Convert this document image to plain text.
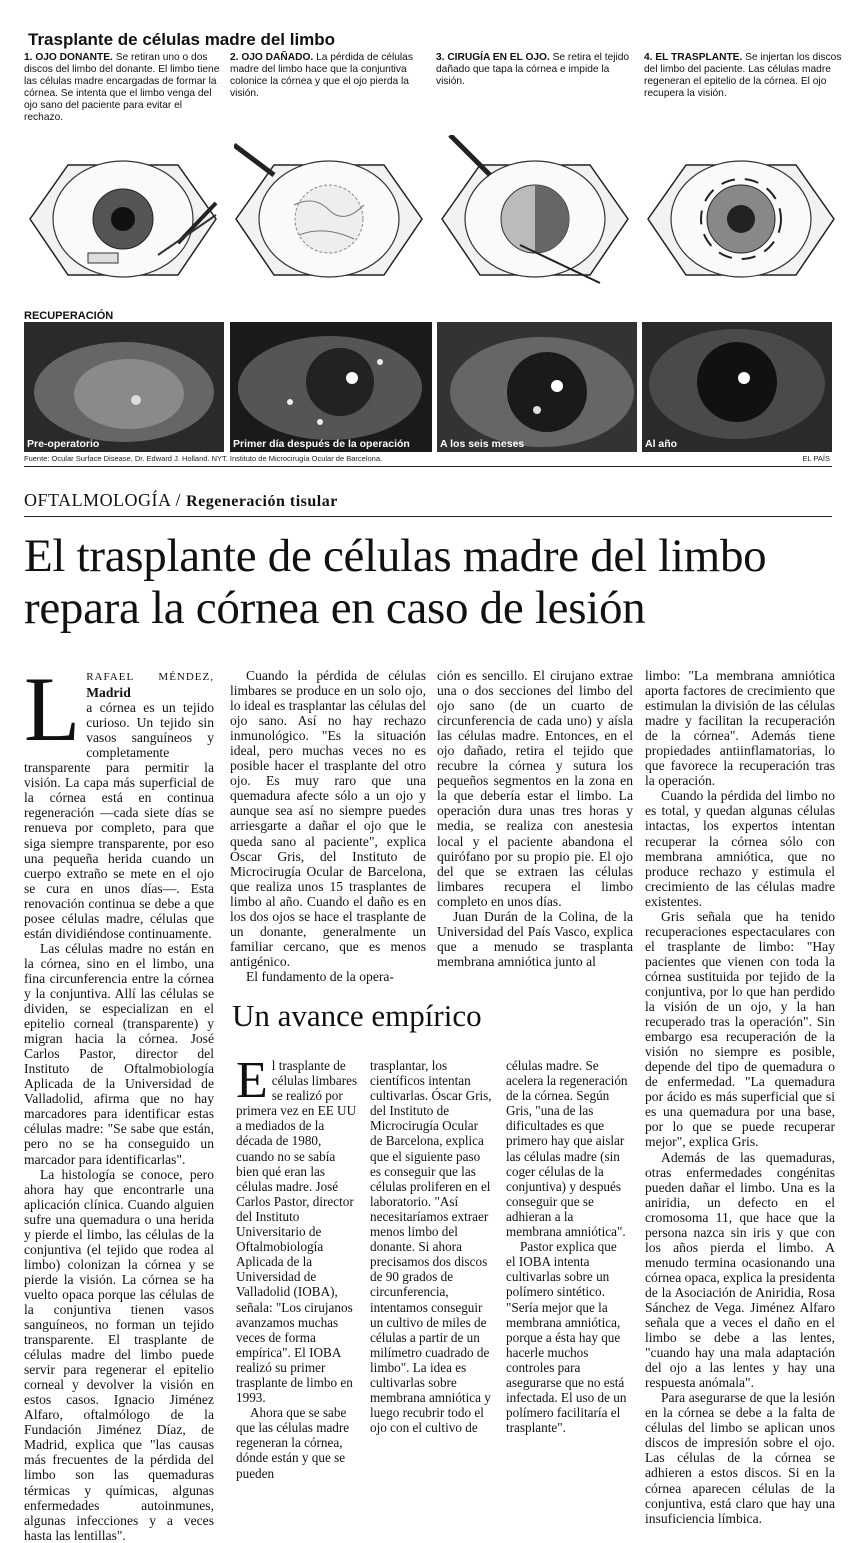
Trasplante de células madre del limbo
1. OJO DONANTE. Se retiran uno o dos discos del limbo del donante. El limbo tiene las células madre encargadas de formar la córnea. Se intenta que el limbo venga del ojo sano del paciente para evitar el rechazo.
2. OJO DAÑADO. La pérdida de células madre del limbo hace que la conjuntiva colonice la córnea y que el ojo pierda la visión.
3. CIRUGÍA EN EL OJO. Se retira el tejido dañado que tapa la córnea e impide la visión.
4. EL TRASPLANTE. Se injertan los discos del limbo del paciente. Las células madre regeneran el epitelio de la córnea. El ojo recupera la visión.
RECUPERACIÓN
Pre-operatorio	Primer día después de la operación	A los seis meses	Al año
Fuente: Ocular Surface Disease, Dr. Edward J. Holland. NYT. Instituto de Microcirugía Ocular de Barcelona.	EL PAÍS
OFTALMOLOGÍA / Regeneración tisular
El trasplante de células madre del limbo repara la córnea en caso de lesión
L RAFAEL MÉNDEZ, Madrid

a córnea es un tejido curioso. Un tejido sin vasos sanguíneos y completamente transparente para permitir la visión. La capa más superficial de la córnea está en continua regeneración —cada siete días se renueva por completo, para que siga siempre transparente, por eso una pequeña herida cuando un cuerpo extraño se mete en el ojo se cura en unos días—. Esta renovación continua se debe a que posee células madre, células que están dividiéndose continuamente.

Las células madre no están en la córnea, sino en el limbo, una fina circunferencia entre la córnea y la conjuntiva. Allí las células se dividen, se especializan en el epitelio corneal (transparente) y migran hacia la córnea. José Carlos Pastor, director del Instituto de Oftalmobiología Aplicada de la Universidad de Valladolid, afirma que no hay marcadores para identificar estas células madre: "Se sabe que están, pero no se ha conseguido un marcador para identificarlas".

La histología se conoce, pero ahora hay que encontrarle una aplicación clínica. Cuando alguien sufre una quemadura o una herida y pierde el limbo, las células de la conjuntiva (el tejido que rodea al limbo) colonizan la córnea y se pierde la visión. La córnea se ha vuelto opaca porque las células de la conjuntiva tienen vasos sanguíneos, no forman un tejido transparente. El trasplante de células madre del limbo puede servir para regenerar el epitelio corneal y devolver la visión en estos casos. Ignacio Jiménez Alfaro, oftalmólogo de la Fundación Jiménez Díaz, de Madrid, explica que "las causas más frecuentes de la pérdida del limbo son las quemaduras térmicas y químicas, algunas enfermedades autoinmunes, algunas infecciones y a veces hasta las lentillas".

Cuando la pérdida de células limbares se produce en un solo ojo, lo ideal es trasplantar las células del ojo sano. Así no hay rechazo inmunológico. "Es la situación ideal, pero muchas veces no es posible hacer el trasplante del otro ojo. Es muy raro que una quemadura afecte sólo a un ojo y aunque sea así no siempre puedes arriesgarte a dañar el ojo que le queda sano al paciente", explica Óscar Gris, del Instituto de Microcirugía Ocular de Barcelona, que realiza unos 15 trasplantes de limbo al año. Cuando el daño es en los dos ojos se hace el trasplante de un donante, generalmente un familiar cercano, que es menos antigénico.

El fundamento de la opera-

ción es sencillo. El cirujano extrae una o dos secciones del limbo del ojo sano (de un cuarto de circunferencia de cada uno) y aísla las células madre. Entonces, en el ojo dañado, retira el tejido que recubre la córnea y sutura los pequeños segmentos en la zona en la que debería estar el limbo. La operación dura unas tres horas y media, se realiza con anestesia local y el paciente abandona el quirófano por su propio pie. El ojo del que se extraen las células limbares recupera el limbo completo en unos días.

Juan Durán de la Colina, de la Universidad del País Vasco, explica que a menudo se trasplanta membrana amniótica junto al

limbo: "La membrana amniótica aporta factores de crecimiento que estimulan la división de las células madre y facilitan la recuperación de la córnea". Además tiene propiedades antiinflamatorias, lo que favorece la recuperación tras la operación.

Cuando la pérdida del limbo no es total, y quedan algunas células intactas, los expertos intentan recuperar la córnea sólo con membrana amniótica, que no produce rechazo y estimula el crecimiento de las células madre existentes.

Gris señala que ha tenido recuperaciones espectaculares con el trasplante de limbo: "Hay pacientes que vienen con toda la córnea sustituida por tejido de la conjuntiva, por lo que han perdido la visión de un ojo, y la han recuperado tras la operación". Sin embargo esa recuperación de la visión no siempre es posible, depende del tipo de quemadura o de enfermedad. "La quemadura por ácido es más superficial que si es una quemadura por una base, por lo que se puede recuperar mejor", explica Gris.

Además de las quemaduras, otras enfermedades congénitas pueden dañar el limbo. Una es la aniridia, un defecto en el cromosoma 11, que hace que la persona nazca sin iris y que con los años pierda el limbo. A menudo termina ocasionando una córnea opaca, explica la presidenta de la Asociación de Aniridia, Rosa Sánchez de Vega. Jiménez Alfaro señala que a veces el daño en el limbo se debe a las lentes, "cuando hay una mala adaptación del ojo a las lentes y hay una respuesta anómala".

Para asegurarse de que la lesión en la córnea se debe a la falta de células del limbo se aplican unos discos de impresión sobre el ojo. Las células de la córnea se adhieren a estos discos. Si en la córnea aparecen células de la conjuntiva, está claro que hay una insuficiencia límbica.

Un avance empírico
E l trasplante de células limbares se realizó por primera vez en EE UU a mediados de la década de 1980, cuando no se sabía bien qué eran las células madre. José Carlos Pastor, director del Instituto Universitario de Oftalmobiología Aplicada de la Universidad de Valladolid (IOBA), señala: "Los cirujanos avanzamos muchas veces de forma empírica". El IOBA realizó su primer trasplante de limbo en 1993.

Ahora que se sabe que las células madre regeneran la córnea, dónde están y que se pueden

trasplantar, los científicos intentan cultivarlas. Óscar Gris, del Instituto de Microcirugía Ocular de Barcelona, explica que el siguiente paso es conseguir que las células proliferen en el laboratorio. "Así necesitaríamos extraer menos limbo del donante. Si ahora precisamos dos discos de 90 grados de circunferencia, intentamos conseguir un cultivo de miles de células a partir de un milímetro cuadrado de limbo". La idea es cultivarlas sobre membrana amniótica y luego recubrir todo el ojo con el cultivo de

células madre. Se acelera la regeneración de la córnea. Según Gris, "una de las dificultades es que primero hay que aislar las células madre (sin coger células de la conjuntiva) y después conseguir que se adhieran a la membrana amniótica".

Pastor explica que el IOBA intenta cultivarlas sobre un polímero sintético. "Sería mejor que la membrana amniótica, porque a ésta hay que hacerle muchos controles para asegurarse que no está infectada. El uso de un polímero facilitaría el trasplante".
